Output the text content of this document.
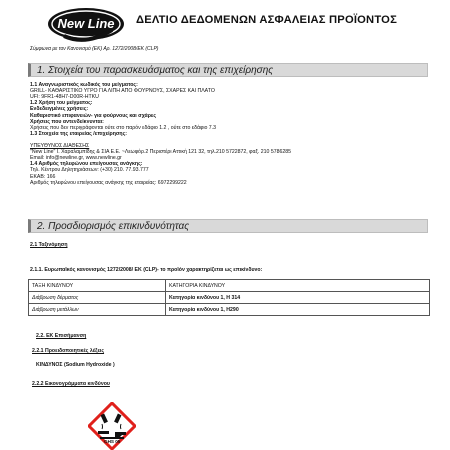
New Line ΔΕΛΤΙΟ ΔΕΔΟΜΕΝΩΝ ΑΣΦΑΛΕΙΑΣ ΠΡΟΪΟΝΤΟΣ
Σύμφωνα με τον Κανονισμό (ΕΚ) Αρ. 1272/2008/ΕΚ (CLP)
1. Στοιχεία του παρασκευάσματος και της επιχείρησης
1.1 Αναγνωριστικός κωδικός του μείγματος:
GRILL- ΚΑΘΑΡΙΣΤΙΚΟ ΥΓΡΟ ΓΙΑ ΛΙΠΗ ΑΠΟ ΦΟΥΡΝΟΥΣ, ΣΧΑΡΕΣ ΚΑΙ ΠΛΑΤΟ
UFI: 9FR1-48H7-D00R-HTKU
1.2 Χρήση του μείγματος:
Ενδεδειγμένες χρήσεις:
Καθαριστικό επιφανειών- για φούρνους και σχάρες
Χρήσεις που αντενδείκνυνται:
Χρήσεις που δεν περιγράφονται ούτε στο παρόν εδάφιο 1.2 , ούτε στο εδάφιο 7.3
1.3 Στοιχεία της εταιρείας /επιχείρησης:
ΥΠΕΥΘΥΝΟΣ ΔΙΑΘΕΣΗΣ
"New Line" I. Χαραλαμπίδης & ΣΙΑ Ε.Ε. ~Λεωφόρ.2 Περιστέρι Αττική 121 32, τηλ.210 5722872, φαξ. 210 5786285
Email: info@newline.gr, www.newline.gr
1.4 Αριθμός τηλεφώνου επείγουσας ανάγκης:
Τηλ. Κέντρου Δηλητηριάσεων: (+30) 210. 77.93.777
ΕΚΑΒ: 166
Αριθμός τηλεφώνου επείγουσας ανάγκης της εταιρείας: 6972299222
2. Προσδιορισμός επικινδυνότητας
2.1 Ταξινόμηση
2.1.1. Ευρωπαϊκός κανονισμός 1272/2008/ ΕΚ (CLP)- το προϊόν χαρακτηρίζεται ως επικίνδυνο:
ΤΑΞΗ ΚΙΝΔΥΝΟΥ	ΚΑΤΗΓΟΡΙΑ ΚΙΝΔΥΝΟΥ
Διάβρωση δέρματος	Κατηγορία κινδύνου 1, H 314
Διάβρωση μετάλλων	Κατηγορία κινδύνου 1, H290
2.2. ΕΚ Επισήμανση
2.2.1 Προειδοποιητικές λέξεις
ΚΙΝΔΥΝΟΣ (Sodium Hydroxide )
2.2.2 Εικονογράμματα κινδύνου
GHS 05
